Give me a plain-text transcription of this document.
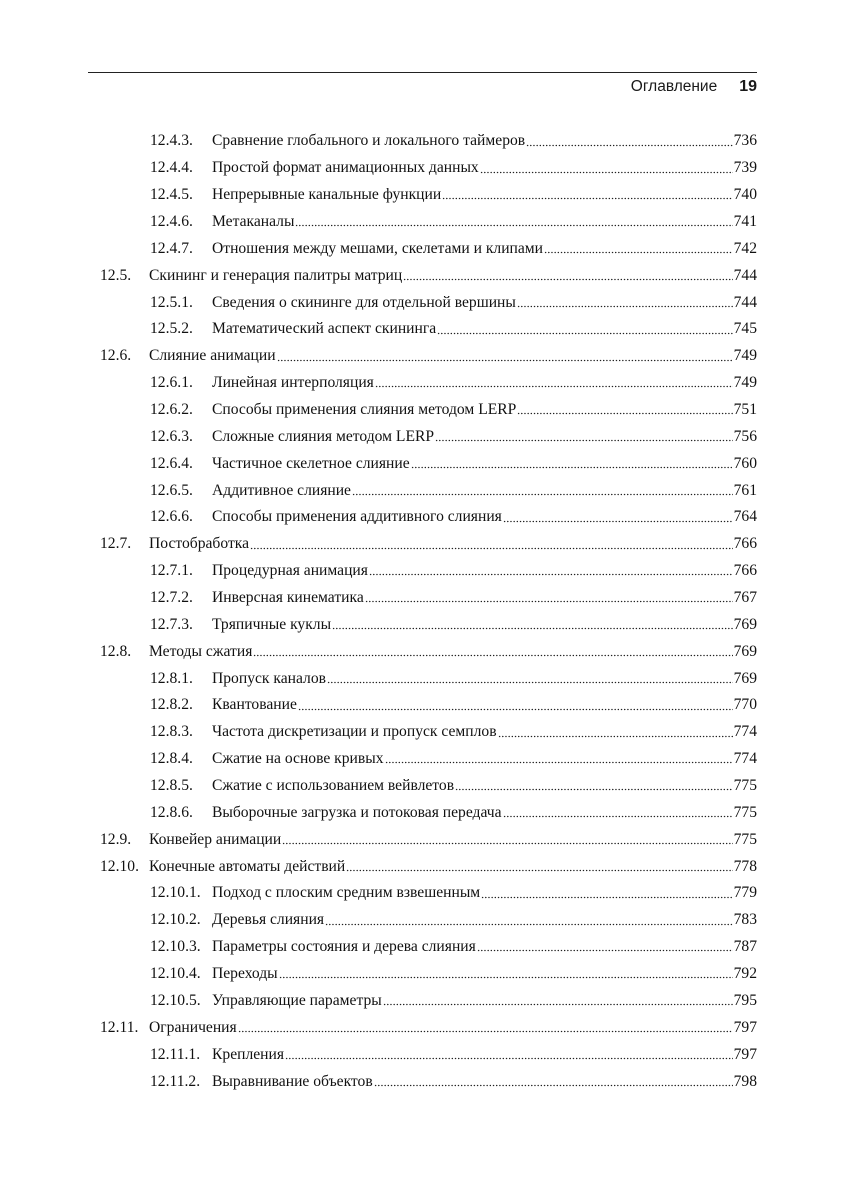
Оглавление 19
12.4.3.	Сравнение глобального и локального таймеров	736
12.4.4.	Простой формат анимационных данных	739
12.4.5.	Непрерывные канальные функции	740
12.4.6.	Метаканалы	741
12.4.7.	Отношения между мешами, скелетами и клипами	742
12.5.	Скининг и генерация палитры матриц	744
12.5.1.	Сведения о скининге для отдельной вершины	744
12.5.2.	Математический аспект скининга	745
12.6.	Слияние анимации	749
12.6.1.	Линейная интерполяция	749
12.6.2.	Способы применения слияния методом LERP	751
12.6.3.	Сложные слияния методом LERP	756
12.6.4.	Частичное скелетное слияние	760
12.6.5.	Аддитивное слияние	761
12.6.6.	Способы применения аддитивного слияния	764
12.7.	Постобработка	766
12.7.1.	Процедурная анимация	766
12.7.2.	Инверсная кинематика	767
12.7.3.	Тряпичные куклы	769
12.8.	Методы сжатия	769
12.8.1.	Пропуск каналов	769
12.8.2.	Квантование	770
12.8.3.	Частота дискретизации и пропуск семплов	774
12.8.4.	Сжатие на основе кривых	774
12.8.5.	Сжатие с использованием вейвлетов	775
12.8.6.	Выборочные загрузка и потоковая передача	775
12.9.	Конвейер анимации	775
12.10. Конечные автоматы действий	778
12.10.1. Подход с плоским средним взвешенным	779
12.10.2. Деревья слияния	783
12.10.3. Параметры состояния и дерева слияния	787
12.10.4. Переходы	792
12.10.5. Управляющие параметры	795
12.11. Ограничения	797
12.11.1. Крепления	797
12.11.2. Выравнивание объектов	798
